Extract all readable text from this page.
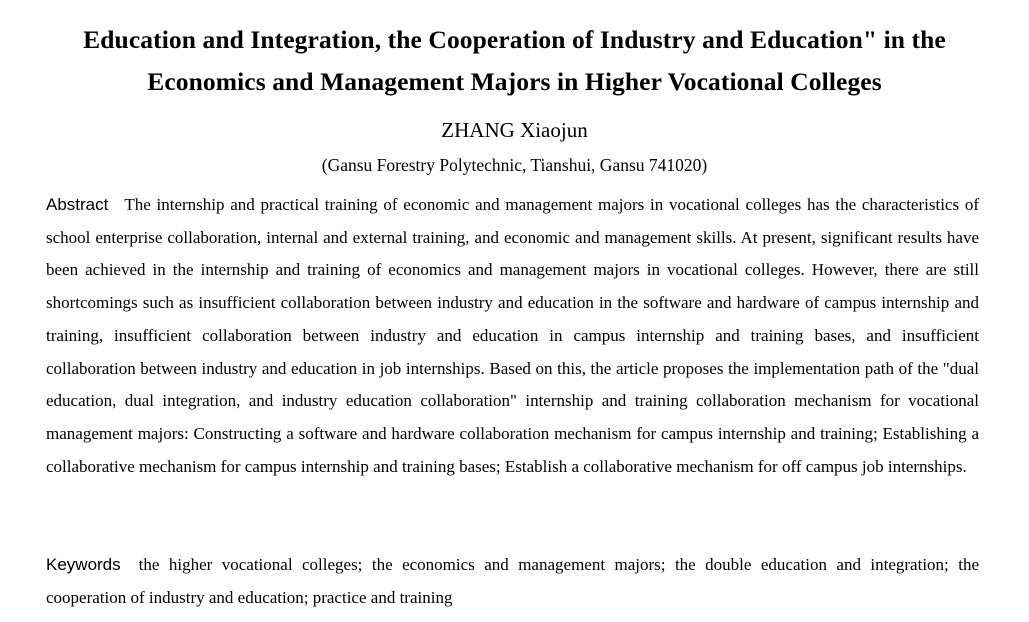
Education and Integration, the Cooperation of Industry and Education" in the
Economics and Management Majors in Higher Vocational Colleges
ZHANG Xiaojun
(Gansu Forestry Polytechnic, Tianshui, Gansu 741020)
Abstract The internship and practical training of economic and management majors in vocational colleges has the characteristics of school enterprise collaboration, internal and external training, and economic and management skills. At present, significant results have been achieved in the internship and training of economics and management majors in vocational colleges. However, there are still shortcomings such as insufficient collaboration between industry and education in the software and hardware of campus internship and training, insufficient collaboration between industry and education in campus internship and training bases, and insufficient collaboration between industry and education in job internships. Based on this, the article proposes the implementation path of the "dual education, dual integration, and industry education collaboration" internship and training collaboration mechanism for vocational management majors: Constructing a software and hardware collaboration mechanism for campus internship and training; Establishing a collaborative mechanism for campus internship and training bases; Establish a collaborative mechanism for off campus job internships.
Keywords the higher vocational colleges; the economics and management majors; the double education and integration; the cooperation of industry and education; practice and training
